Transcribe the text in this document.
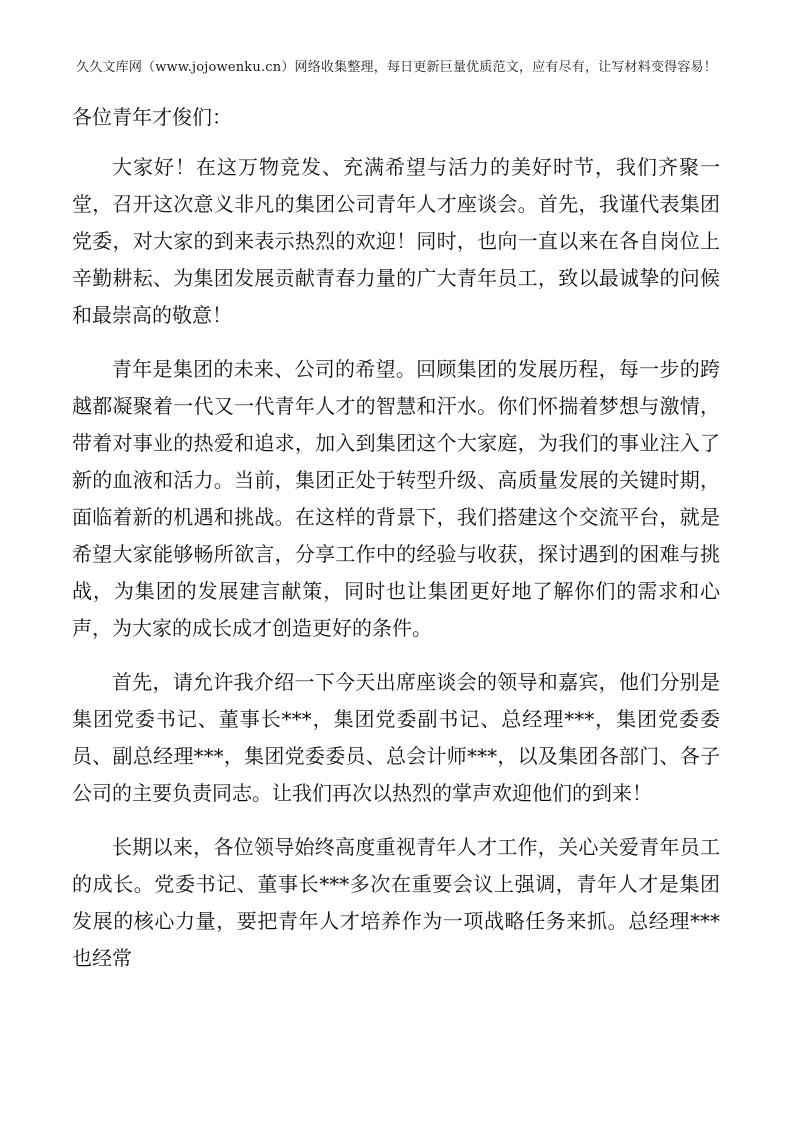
久久文库网（www.jojowenku.cn）网络收集整理，每日更新巨量优质范文，应有尽有，让写材料变得容易！

各位青年才俊们：

大家好！在这万物竞发、充满希望与活力的美好时节，我们齐聚一堂，召开这次意义非凡的集团公司青年人才座谈会。首先，我谨代表集团党委，对大家的到来表示热烈的欢迎！同时，也向一直以来在各自岗位上辛勤耕耘、为集团发展贡献青春力量的广大青年员工，致以最诚挚的问候和最崇高的敬意！

青年是集团的未来、公司的希望。回顾集团的发展历程，每一步的跨越都凝聚着一代又一代青年人才的智慧和汗水。你们怀揣着梦想与激情，带着对事业的热爱和追求，加入到集团这个大家庭，为我们的事业注入了新的血液和活力。当前，集团正处于转型升级、高质量发展的关键时期，面临着新的机遇和挑战。在这样的背景下，我们搭建这个交流平台，就是希望大家能够畅所欲言，分享工作中的经验与收获，探讨遇到的困难与挑战，为集团的发展建言献策，同时也让集团更好地了解你们的需求和心声，为大家的成长成才创造更好的条件。

首先，请允许我介绍一下今天出席座谈会的领导和嘉宾，他们分别是集团党委书记、董事长***，集团党委副书记、总经理***，集团党委委员、副总经理***，集团党委委员、总会计师***，以及集团各部门、各子公司的主要负责同志。让我们再次以热烈的掌声欢迎他们的到来！

长期以来，各位领导始终高度重视青年人才工作，关心关爱青年员工的成长。党委书记、董事长***多次在重要会议上强调，青年人才是集团发展的核心力量，要把青年人才培养作为一项战略任务来抓。总经理***也经常
